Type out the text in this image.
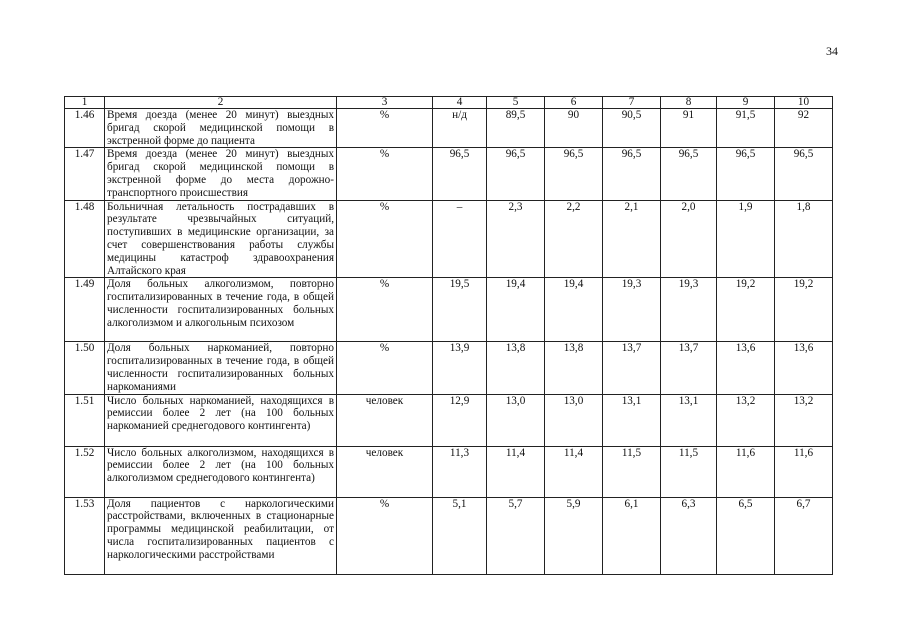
34
1	2	3	4	5	6	7	8	9	10
1.46	Время доезда (менее 20 минут) выездных бригад скорой медицинской помощи в экстренной форме до пациента	%	н/д	89,5	90	90,5	91	91,5	92
1.47	Время доезда (менее 20 минут) выездных бригад скорой медицинской помощи в экстренной форме до места дорожно-транспортного происшествия	%	96,5	96,5	96,5	96,5	96,5	96,5	96,5
1.48	Больничная летальность пострадавших в результате чрезвычайных ситуаций, поступивших в медицинские организации, за счет совершенствования работы службы медицины катастроф здравоохранения Алтайского края	%	–	2,3	2,2	2,1	2,0	1,9	1,8
1.49	Доля больных алкоголизмом, повторно госпитализированных в течение года, в общей численности госпитализированных больных алкоголизмом и алкогольным психозом	%	19,5	19,4	19,4	19,3	19,3	19,2	19,2
1.50	Доля больных наркоманией, повторно госпитализированных в течение года, в общей численности госпитализированных больных наркоманиями	%	13,9	13,8	13,8	13,7	13,7	13,6	13,6
1.51	Число больных наркоманией, находящихся в ремиссии более 2 лет (на 100 больных наркоманией среднегодового контингента)	человек	12,9	13,0	13,0	13,1	13,1	13,2	13,2
1.52	Число больных алкоголизмом, находящихся в ремиссии более 2 лет (на 100 больных алкоголизмом среднегодового контингента)	человек	11,3	11,4	11,4	11,5	11,5	11,6	11,6
1.53	Доля пациентов с наркологическими расстройствами, включенных в стационарные программы медицинской реабилитации, от числа госпитализированных пациентов с наркологическими расстройствами	%	5,1	5,7	5,9	6,1	6,3	6,5	6,7
